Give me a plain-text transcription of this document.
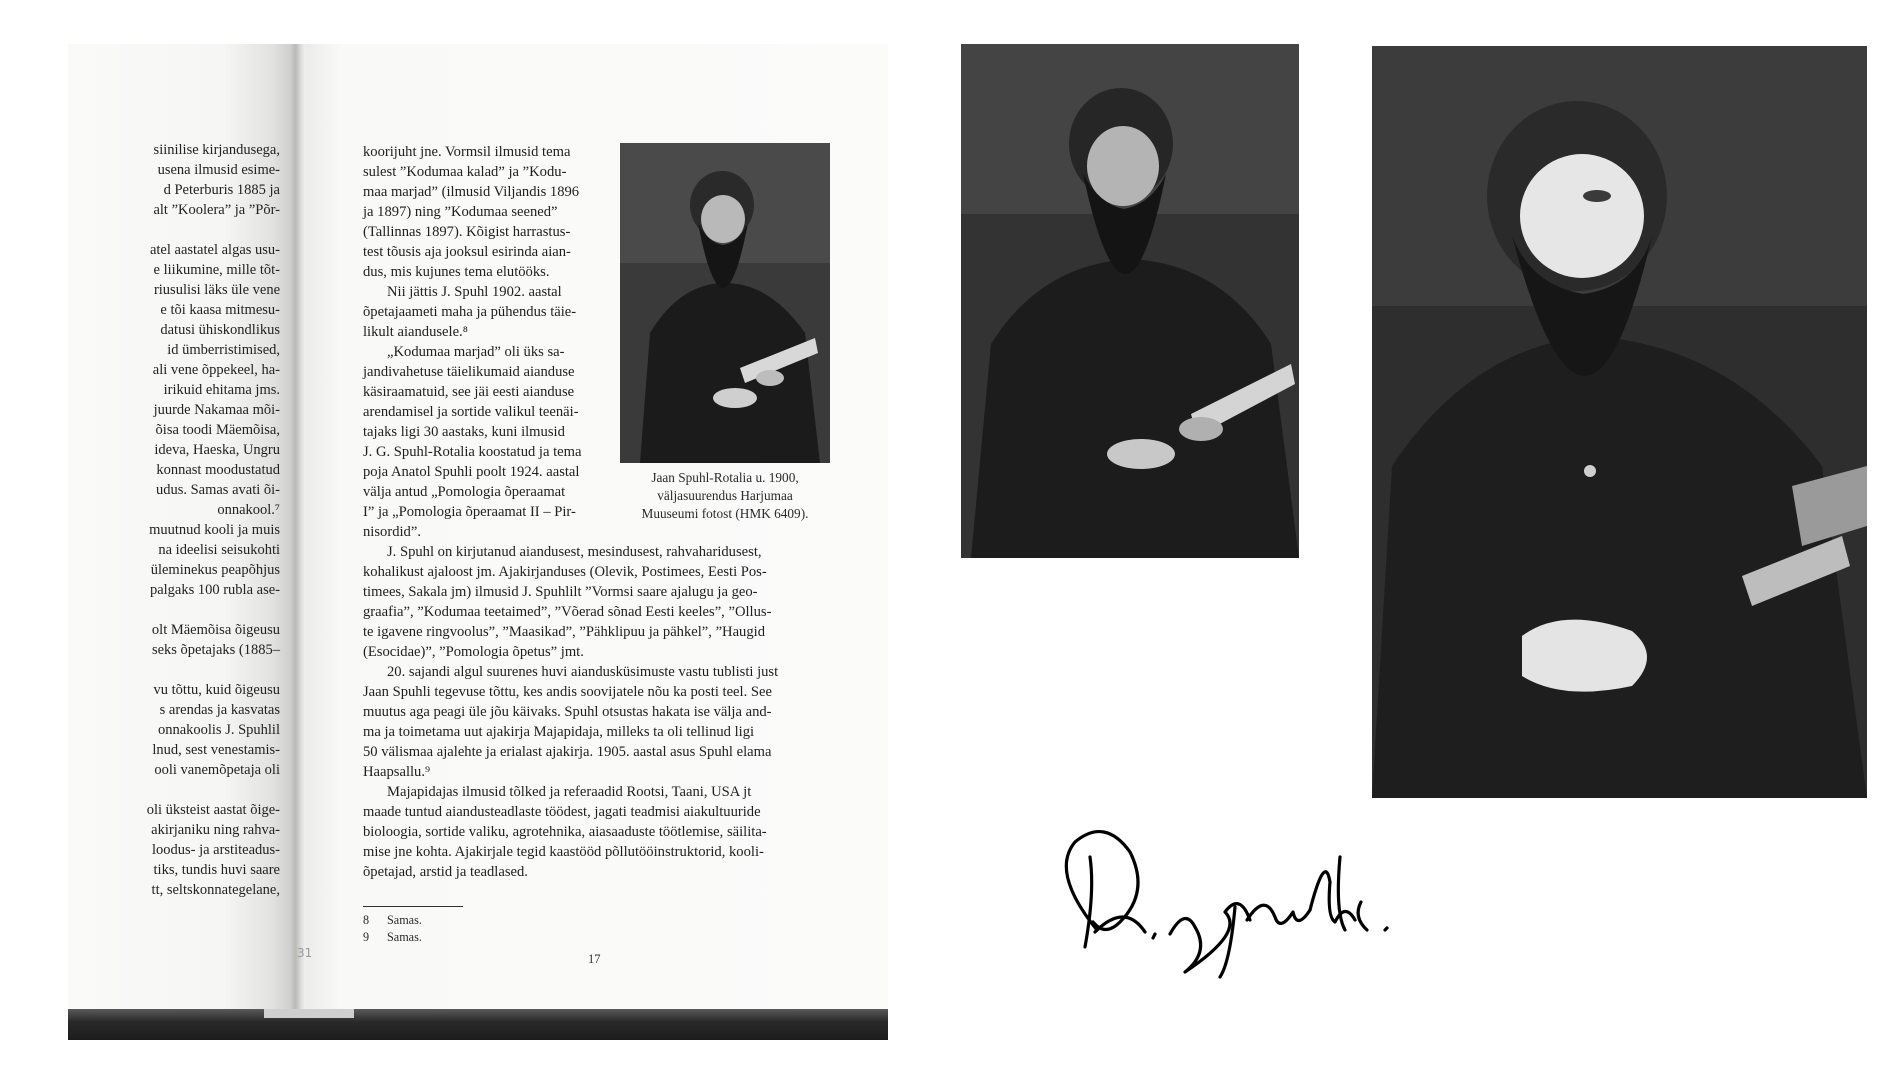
siinilise kirjandusega,
usena ilmusid esime-
d Peterburis 1885 ja
alt ”Koolera” ja ”Põr-
atel aastatel algas usu-
e liikumine, mille tõt-
riusulisi läks üle vene
e tõi kaasa mitmesu-
datusi ühiskondlikus
id ümberristimised,
ali vene õppekeel, ha-
irikuid ehitama jms.
juurde Nakamaa mõi-
õisa toodi Mäemõisa,
ideva, Haeska, Ungru
konnast moodustatud
udus. Samas avati õi-
onnakool.⁷
muutnud kooli ja muis
na ideelisi seisukohti
üleminekus peapõhjus
palgaks 100 rubla ase-
olt Mäemõisa õigeusu
seks õpetajaks (1885–
vu tõttu, kuid õigeusu
s arendas ja kasvatas
onnakoolis J. Spuhlil
lnud, sest venestamis-
ooli vanemõpetaja oli
oli üksteist aastat õige-
akirjaniku ning rahva-
loodus- ja arstiteadus-
tiks, tundis huvi saare
tt, seltskonnategelane,
31
koorijuht jne. Vormsil ilmusid tema
sulest ”Kodumaa kalad” ja ”Kodu-
maa marjad” (ilmusid Viljandis 1896
ja 1897) ning ”Kodumaa seened”
(Tallinnas 1897). Kõigist harrastus-
test tõusis aja jooksul esirinda aian-
dus, mis kujunes tema elutööks.
Nii jättis J. Spuhl 1902. aastal
õpetajaameti maha ja pühendus täie-
likult aiandusele.⁸
„Kodumaa marjad” oli üks sa-
jandivahetuse täielikumaid aianduse
käsiraamatuid, see jäi eesti aianduse
arendamisel ja sortide valikul teenäi-
tajaks ligi 30 aastaks, kuni ilmusid
J. G. Spuhl-Rotalia koostatud ja tema
poja Anatol Spuhli poolt 1924. aastal
välja antud „Pomologia õperaamat
I” ja „Pomologia õperaamat II – Pir-
nisordid”.
J. Spuhl on kirjutanud aiandusest, mesindusest, rahvaharidusest,
kohalikust ajaloost jm. Ajakirjanduses (Olevik, Postimees, Eesti Pos-
timees, Sakala jm) ilmusid J. Spuhlilt ”Vormsi saare ajalugu ja geo-
graafia”, ”Kodumaa teetaimed”, ”Võerad sõnad Eesti keeles”, ”Ollus-
te igavene ringvoolus”, ”Maasikad”, ”Pähklipuu ja pähkel”, ”Haugid
(Esocidae)”, ”Pomologia õpetus” jmt.
20. sajandi algul suurenes huvi aiandusküsimuste vastu tublisti just
Jaan Spuhli tegevuse tõttu, kes andis soovijatele nõu ka posti teel. See
muutus aga peagi üle jõu käivaks. Spuhl otsustas hakata ise välja and-
ma ja toimetama uut ajakirja Majapidaja, milleks ta oli tellinud ligi
50 välismaa ajalehte ja erialast ajakirja. 1905. aastal asus Spuhl elama
Haapsallu.⁹
Majapidajas ilmusid tõlked ja referaadid Rootsi, Taani, USA jt
maade tuntud aiandusteadlaste töödest, jagati teadmisi aiakultuuride
bioloogia, sortide valiku, agrotehnika, aiasaaduste töötlemise, säilita-
mise jne kohta. Ajakirjale tegid kaastööd põllutööinstruktorid, kooli-
õpetajad, arstid ja teadlased.
Jaan Spuhl-Rotalia u. 1900,
väljasuurendus Harjumaa
Muuseumi fotost (HMK 6409).
8 Samas.
9 Samas.
17
